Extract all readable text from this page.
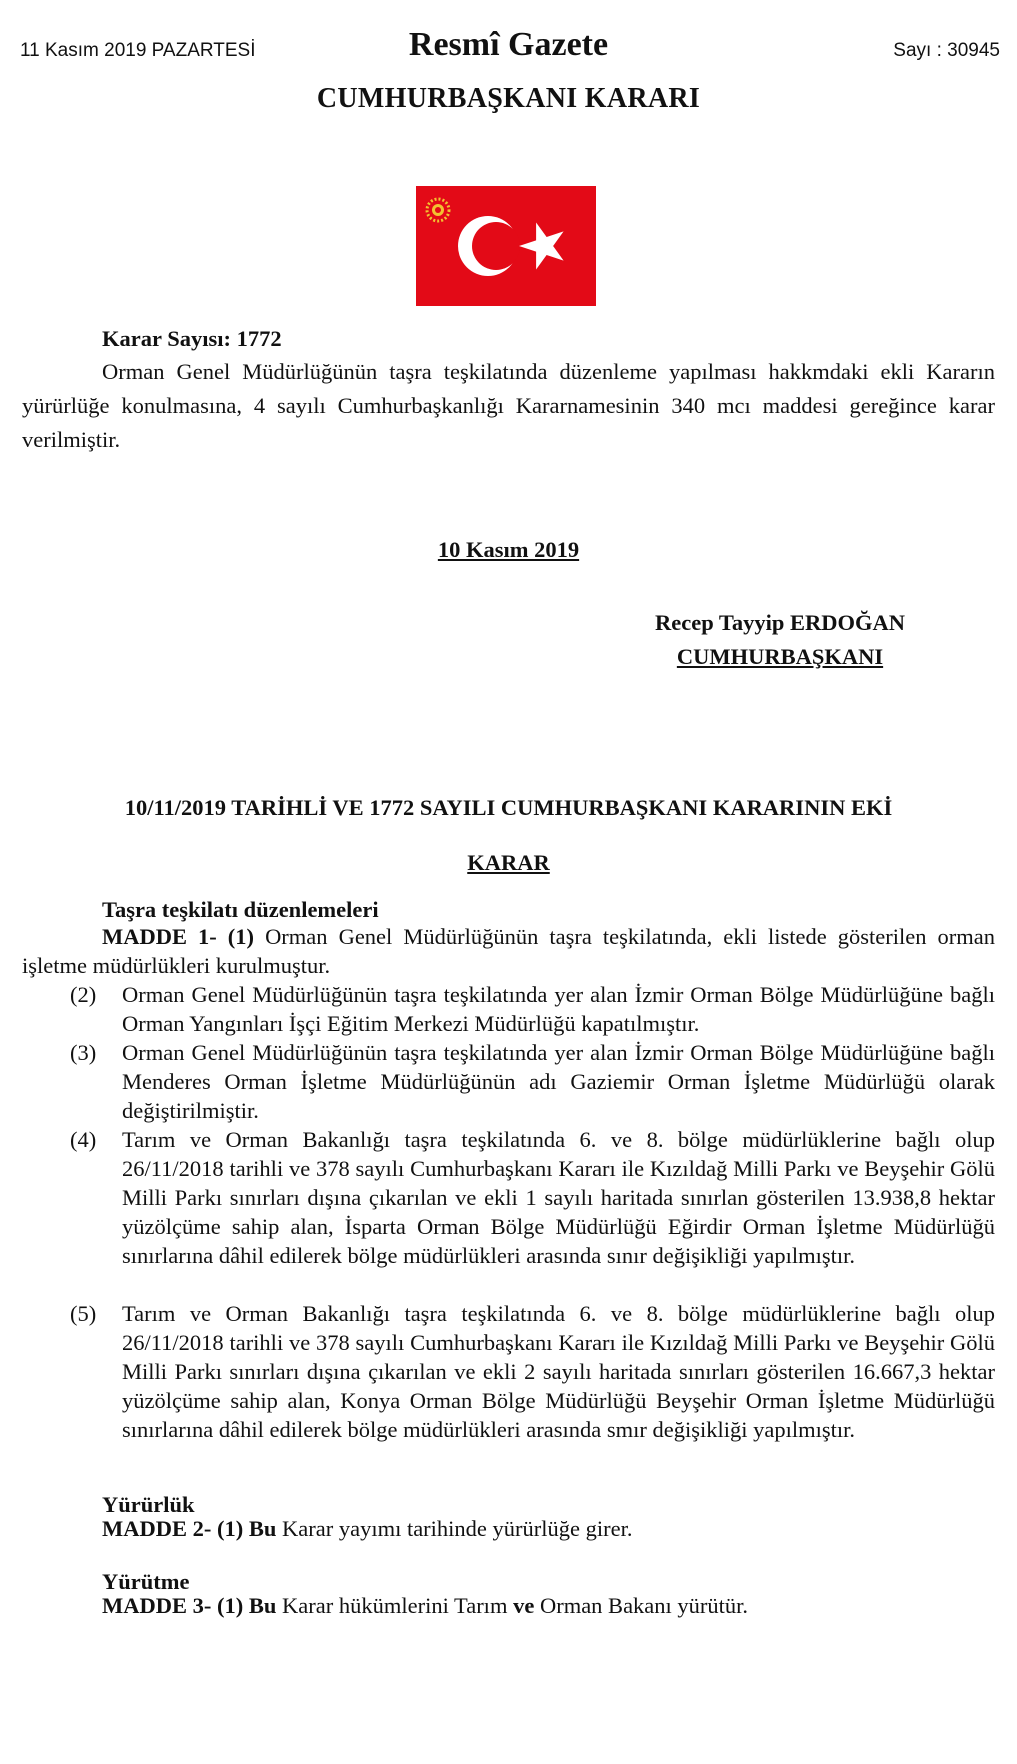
11 Kasım 2019 PAZARTESİ	Resmî Gazete	Sayı : 30945
CUMHURBAŞKANI KARARI
Karar Sayısı: 1772
Orman Genel Müdürlüğünün taşra teşkilatında düzenleme yapılması hakkmdaki ekli Kararın yürürlüğe konulmasına, 4 sayılı Cumhurbaşkanlığı Kararnamesinin 340 mcı maddesi gereğince karar verilmiştir.
10 Kasım 2019
Recep Tayyip ERDOĞAN
CUMHURBAŞKANI
10/11/2019 TARİHLİ VE 1772 SAYILI CUMHURBAŞKANI KARARININ EKİ
KARAR
Taşra teşkilatı düzenlemeleri
MADDE 1- (1) Orman Genel Müdürlüğünün taşra teşkilatında, ekli listede gösterilen orman işletme müdürlükleri kurulmuştur.
(2)	Orman Genel Müdürlüğünün taşra teşkilatında yer alan İzmir Orman Bölge Müdürlüğüne bağlı Orman Yangınları İşçi Eğitim Merkezi Müdürlüğü kapatılmıştır.
(3)	Orman Genel Müdürlüğünün taşra teşkilatında yer alan İzmir Orman Bölge Müdürlüğüne bağlı Menderes Orman İşletme Müdürlüğünün adı Gaziemir Orman İşletme Müdürlüğü olarak değiştirilmiştir.
(4)	Tarım ve Orman Bakanlığı taşra teşkilatında 6. ve 8. bölge müdürlüklerine bağlı olup 26/11/2018 tarihli ve 378 sayılı Cumhurbaşkanı Kararı ile Kızıldağ Milli Parkı ve Beyşehir Gölü Milli Parkı sınırları dışına çıkarılan ve ekli 1 sayılı haritada sınırlan gösterilen 13.938,8 hektar yüzölçüme sahip alan, İsparta Orman Bölge Müdürlüğü Eğirdir Orman İşletme Müdürlüğü sınırlarına dâhil edilerek bölge müdürlükleri arasında sınır değişikliği yapılmıştır.
(5)	Tarım ve Orman Bakanlığı taşra teşkilatında 6. ve 8. bölge müdürlüklerine bağlı olup 26/11/2018 tarihli ve 378 sayılı Cumhurbaşkanı Kararı ile Kızıldağ Milli Parkı ve Beyşehir Gölü Milli Parkı sınırları dışına çıkarılan ve ekli 2 sayılı haritada sınırları gösterilen 16.667,3 hektar yüzölçüme sahip alan, Konya Orman Bölge Müdürlüğü Beyşehir Orman İşletme Müdürlüğü sınırlarına dâhil edilerek bölge müdürlükleri arasında smır değişikliği yapılmıştır.
Yürürlük
MADDE 2- (1) Bu Karar yayımı tarihinde yürürlüğe girer.
Yürütme
MADDE 3- (1) Bu Karar hükümlerini Tarım ve Orman Bakanı yürütür.
